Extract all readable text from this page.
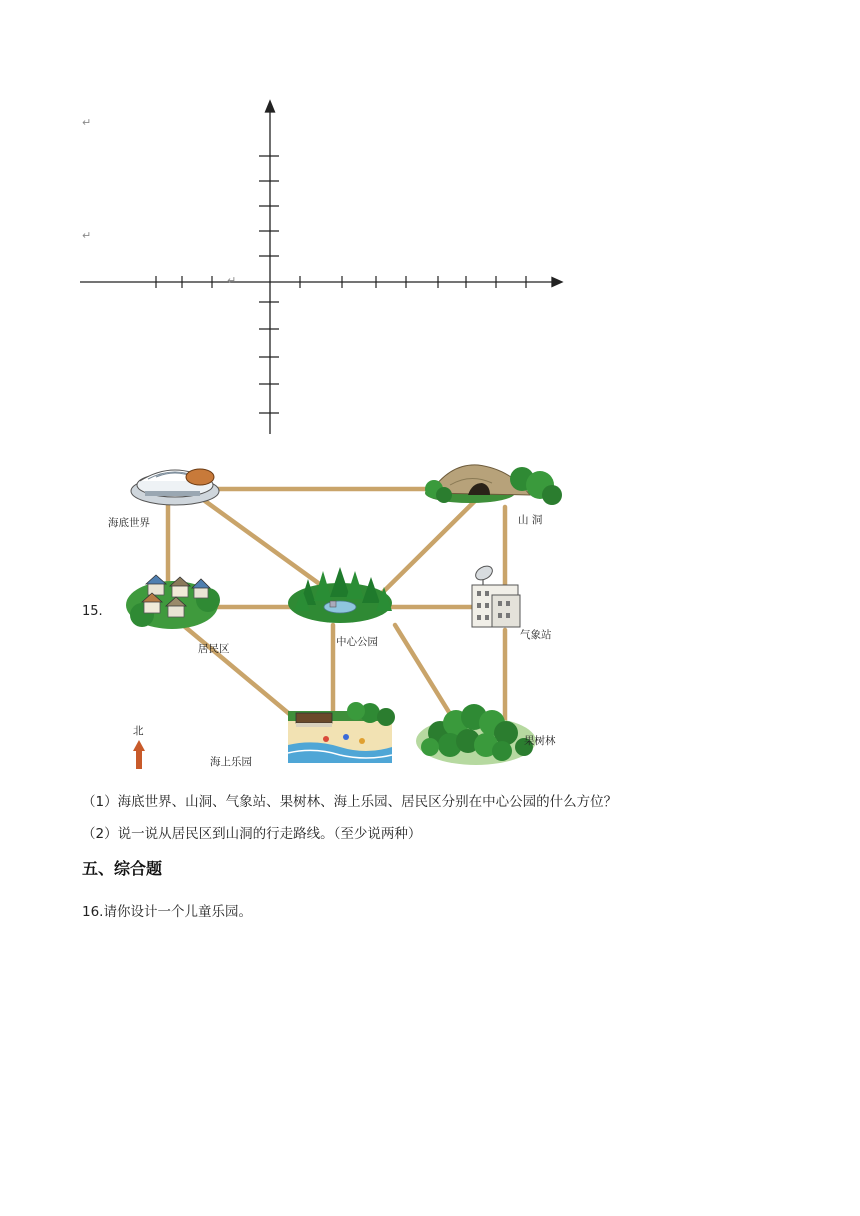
↵
↵
↵
15.
海底世界	山 洞
居民区
中心公园
气象站
海上乐园
果树林
北
（1）海底世界、山洞、气象站、果树林、海上乐园、居民区分别在中心公园的什么方位？
（2）说一说从居民区到山洞的行走路线。（至少说两种）
五、综合题
16.请你设计一个儿童乐园。
